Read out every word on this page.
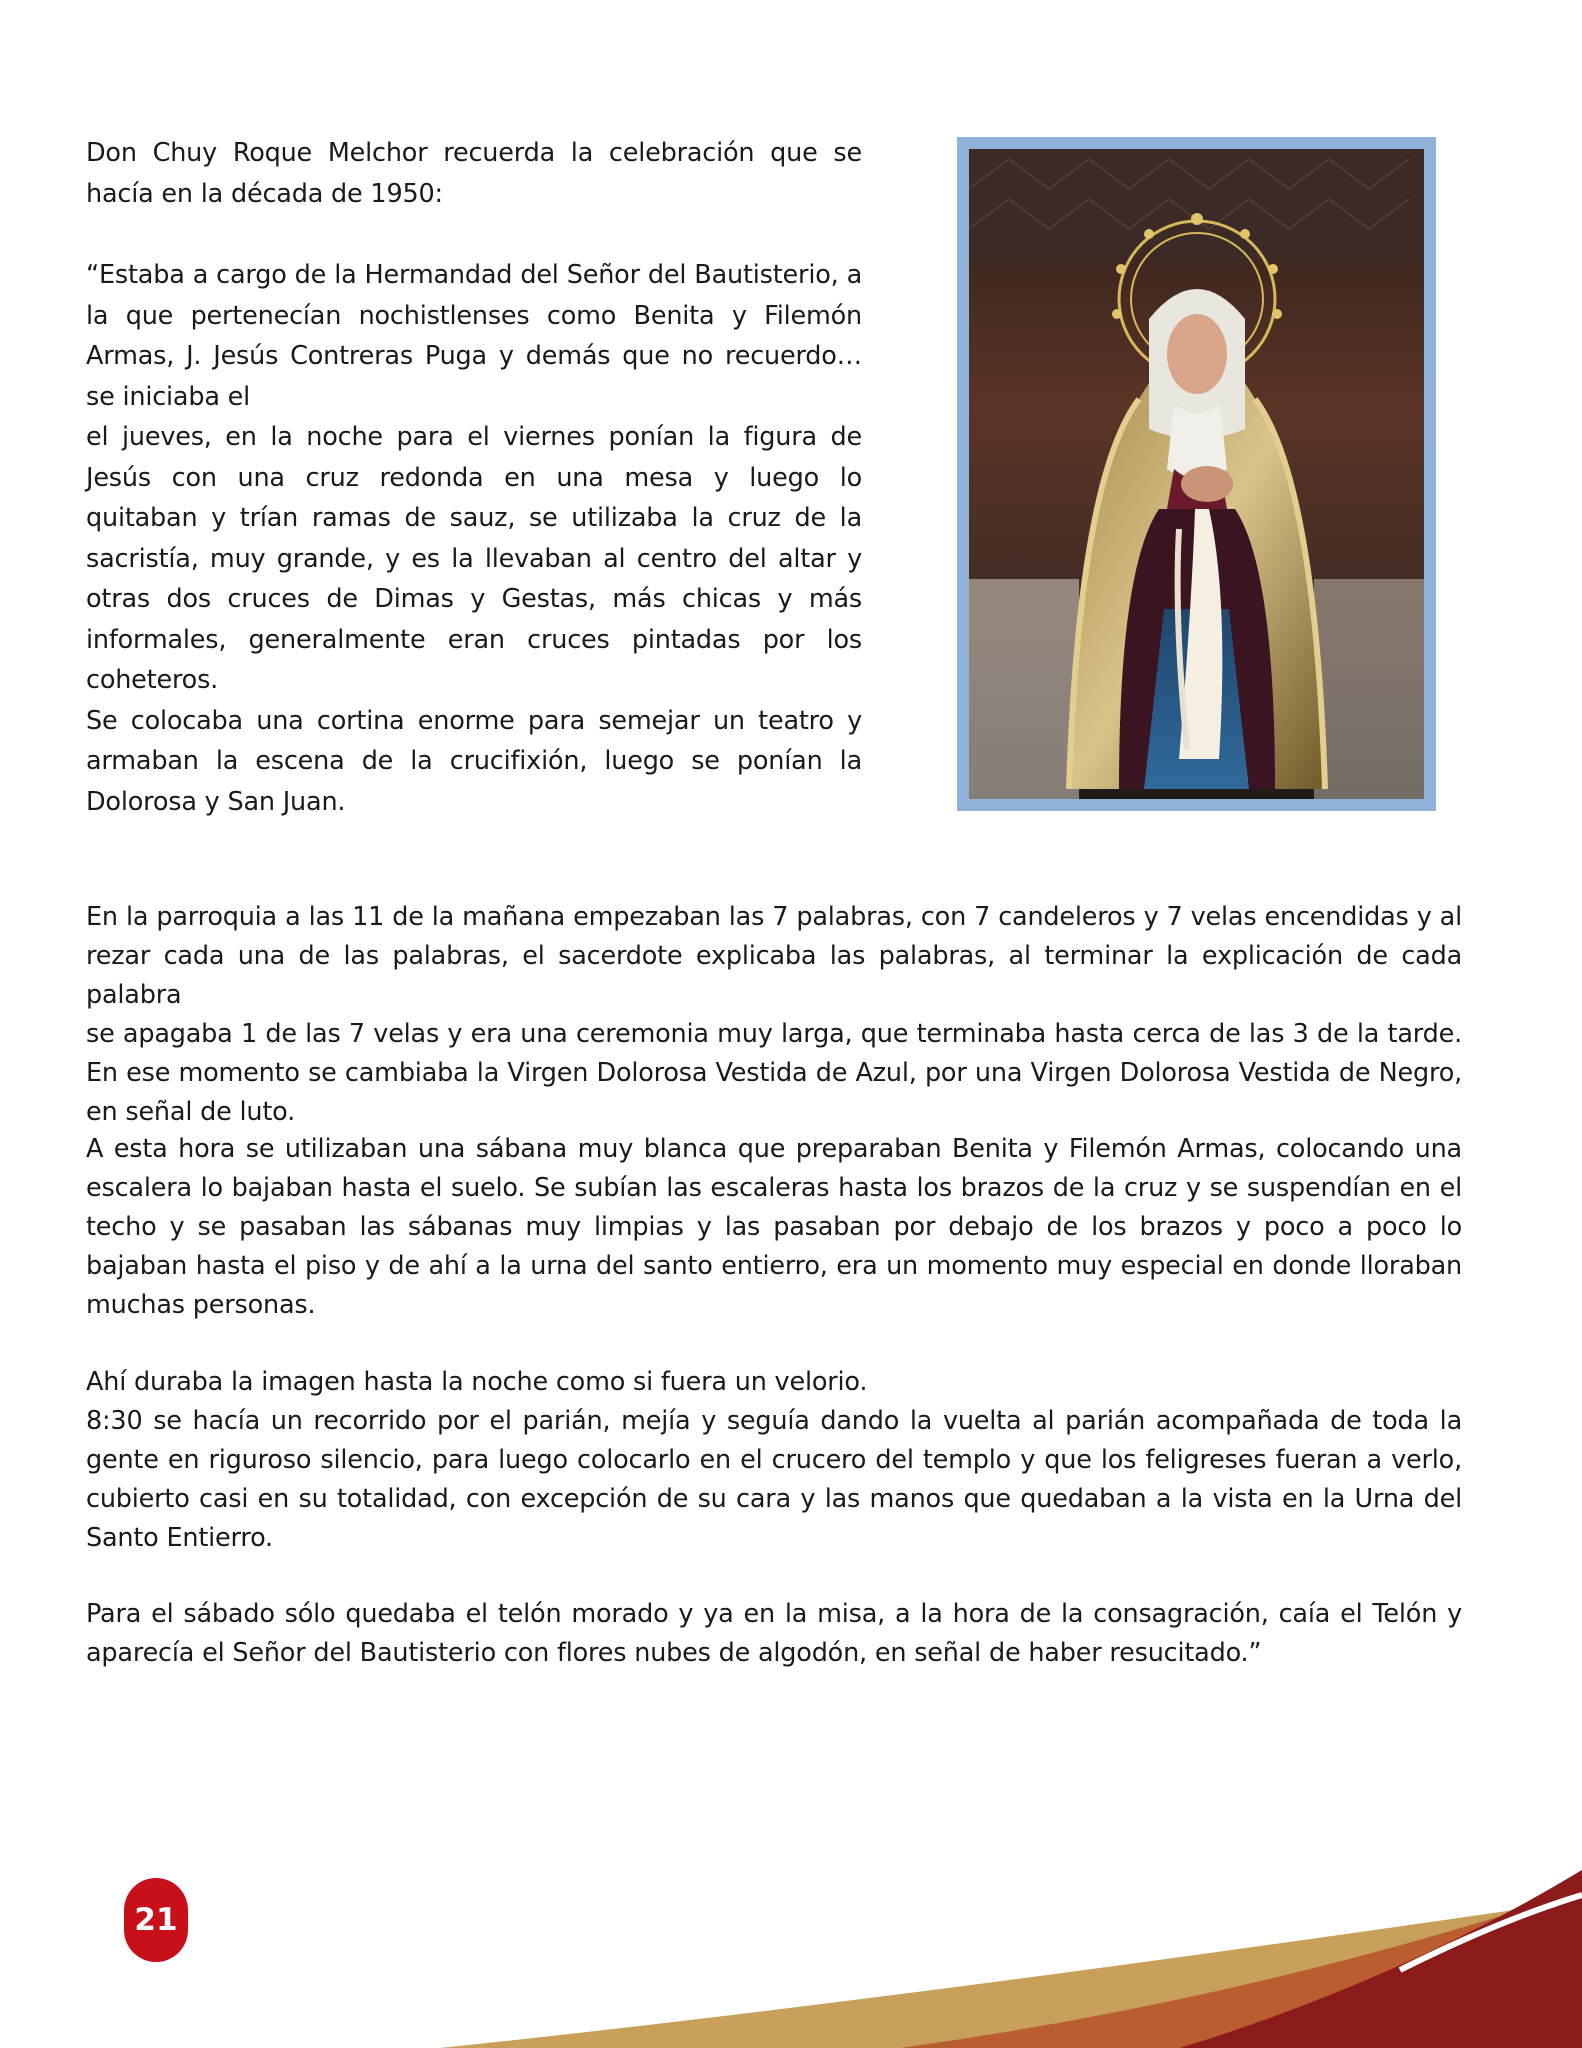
Don Chuy Roque Melchor recuerda la celebración que se
hacía en la década de 1950:
“Estaba a cargo de la Hermandad del Señor del Bautisterio, a
la que pertenecían nochistlenses como Benita y Filemón
Armas, J. Jesús Contreras Puga y demás que no recuerdo…
se iniciaba el
el jueves, en la noche para el viernes ponían la figura de
Jesús con una cruz redonda en una mesa y luego lo
quitaban y trían ramas de sauz, se utilizaba la cruz de la
sacristía, muy grande, y es la llevaban al centro del altar y
otras dos cruces de Dimas y Gestas, más chicas y más
informales, generalmente eran cruces pintadas por los
coheteros.
Se colocaba una cortina enorme para semejar un teatro y
armaban la escena de la crucifixión, luego se ponían la
Dolorosa y San Juan.
En la parroquia a las 11 de la mañana empezaban las 7 palabras, con 7 candeleros y 7 velas encendidas y al
rezar cada una de las palabras, el sacerdote explicaba las palabras, al terminar la explicación de cada palabra
se apagaba 1 de las 7 velas y era una ceremonia muy larga, que terminaba hasta cerca de las 3 de la tarde.
En ese momento se cambiaba la Virgen Dolorosa Vestida de Azul, por una Virgen Dolorosa Vestida de Negro,
en señal de luto.
A esta hora se utilizaban una sábana muy blanca que preparaban Benita y Filemón Armas, colocando una
escalera lo bajaban hasta el suelo. Se subían las escaleras hasta los brazos de la cruz y se suspendían en el
techo y se pasaban las sábanas muy limpias y las pasaban por debajo de los brazos y poco a poco lo
bajaban hasta el piso y de ahí a la urna del santo entierro, era un momento muy especial en donde lloraban
muchas personas.
Ahí duraba la imagen hasta la noche como si fuera un velorio.
8:30 se hacía un recorrido por el parián, mejía y seguía dando la vuelta al parián acompañada de toda la
gente en riguroso silencio, para luego colocarlo en el crucero del templo y que los feligreses fueran a verlo,
cubierto casi en su totalidad, con excepción de su cara y las manos que quedaban a la vista en la Urna del
Santo Entierro.
Para el sábado sólo quedaba el telón morado y ya en la misa, a la hora de la consagración, caía el Telón y
aparecía el Señor del Bautisterio con flores nubes de algodón, en señal de haber resucitado.”
21
